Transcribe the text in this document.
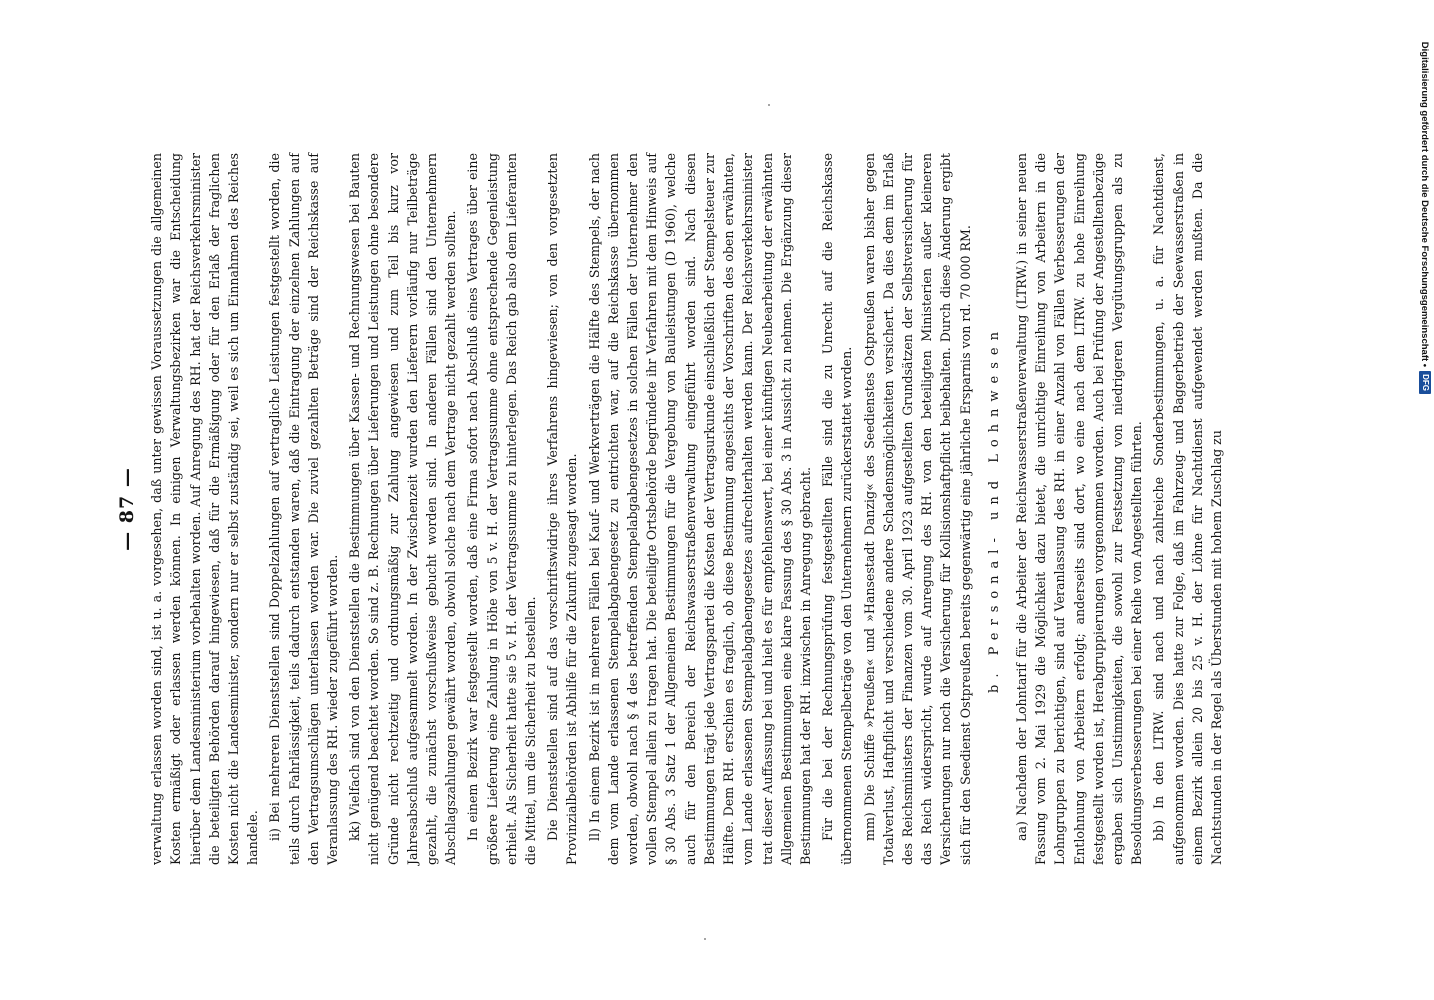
— 87 — verwaltung erlassen worden sind, ist u. a. vorgesehen, daß unter gewissen Voraussetzungen die allgemeinen Kosten ermäßigt oder erlassen werden können. In einigen Verwaltungsbezirken war die Entscheidung hierüber dem Landesministerium vorbehalten worden. Auf Anregung des RH. hat der Reichsverkehrsminister die beteiligten Behörden darauf hingewiesen, daß für die Ermäßigung oder für den Erlaß der fraglichen Kosten nicht die Landesminister, sondern nur er selbst zuständig sei, weil es sich um Einnahmen des Reiches handele. ii) Bei mehreren Dienststellen sind Doppelzahlungen auf vertragliche Leistungen festgestellt worden, die teils durch Fahrlässigkeit, teils dadurch entstanden waren, daß die Eintragung der einzelnen Zahlungen auf den Vertragsumschlägen unterlassen worden war. Die zuviel gezahlten Beträge sind der Reichskasse auf Veranlassung des RH. wieder zugeführt worden. kk) Vielfach sind von den Dienststellen die Bestimmungen über Kassen- und Rechnungswesen bei Bauten nicht genügend beachtet worden. So sind z. B. Rechnungen über Lieferungen und Leistungen ohne besondere Gründe nicht rechtzeitig und ordnungsmäßig zur Zahlung angewiesen und zum Teil bis kurz vor Jahresabschluß aufgesammelt worden. In der Zwischenzeit wurden den Lieferern vorläufig nur Teilbeträge gezahlt, die zunächst vorschußweise gebucht worden sind. In anderen Fällen sind den Unternehmern Abschlagszahlungen gewährt worden, obwohl solche nach dem Vertrage nicht gezahlt werden sollten. In einem Bezirk war festgestellt worden, daß eine Firma sofort nach Abschluß eines Vertrages über eine größere Lieferung eine Zahlung in Höhe von 5 v. H. der Vertragssumme ohne entsprechende Gegenleistung erhielt. Als Sicherheit hatte sie 5 v. H. der Vertragssumme zu hinterlegen. Das Reich gab also dem Lieferanten die Mittel, um die Sicherheit zu bestellen. Die Dienststellen sind auf das vorschriftswidrige ihres Verfahrens hingewiesen; von den vorgesetzten Provinzialbehörden ist Abhilfe für die Zukunft zugesagt worden. ll) In einem Bezirk ist in mehreren Fällen bei Kauf- und Werkverträgen die Hälfte des Stempels, der nach dem vom Lande erlassenen Stempelabgabengesetz zu entrichten war, auf die Reichskasse übernommen worden, obwohl nach § 4 des betreffenden Stempelabgabengesetzes in solchen Fällen der Unternehmer den vollen Stempel allein zu tragen hat. Die beteiligte Ortsbehörde begründete ihr Verfahren mit dem Hinweis auf § 30 Abs. 3 Satz 1 der Allgemeinen Bestimmungen für die Vergebung von Bauleistungen (D 1960), welche auch für den Bereich der Reichswasserstraßenverwaltung eingeführt worden sind. Nach diesen Bestimmungen trägt jede Vertragspartei die Kosten der Vertragsurkunde einschließlich der Stempelsteuer zur Hälfte. Dem RH. erschien es fraglich, ob diese Bestimmung angesichts der Vorschriften des oben erwähnten, vom Lande erlassenen Stempelabgabengesetzes aufrechterhalten werden kann. Der Reichsverkehrsminister trat dieser Auffassung bei und hielt es für empfehlenswert, bei einer künftigen Neubearbeitung der erwähnten Allgemeinen Bestimmungen eine klare Fassung des § 30 Abs. 3 in Aussicht zu nehmen. Die Ergänzung dieser Bestimmungen hat der RH. inzwischen in Anregung gebracht. Für die bei der Rechnungsprüfung festgestellten Fälle sind die zu Unrecht auf die Reichskasse übernommenen Stempelbeträge von den Unternehmern zurückerstattet worden. mm) Die Schiffe »Preußen« und »Hansestadt Danzig« des Seedienstes Ostpreußen waren bisher gegen Totalverlust, Haftpflicht und verschiedene andere Schadensmöglichkeiten versichert. Da dies dem im Erlaß des Reichsministers der Finanzen vom 30. April 1923 aufgestellten Grundsätzen der Selbstversicherung für das Reich widerspricht, wurde auf Anregung des RH. von den beteiligten Ministerien außer kleineren Versicherungen nur noch die Versicherung für Kollisionshaftpflicht beibehalten. Durch diese Änderung ergibt sich für den Seedienst Ostpreußen bereits gegenwärtig eine jährliche Ersparnis von rd. 70 000 RM. b. Personal- und Lohnwesen aa) Nachdem der Lohntarif für die Arbeiter der Reichswasserstraßenverwaltung (LTRW.) in seiner neuen Fassung vom 2. Mai 1929 die Möglichkeit dazu bietet, die unrichtige Einreihung von Arbeitern in die Lohngruppen zu berichtigen, sind auf Veranlassung des RH. in einer Anzahl von Fällen Verbesserungen der Entlohnung von Arbeitern erfolgt; anderseits sind dort, wo eine nach dem LTRW. zu hohe Einreihung festgestellt worden ist, Herabgruppierungen vorgenommen worden. Auch bei Prüfung der Angestelltenbezüge ergaben sich Unstimmigkeiten, die sowohl zur Festsetzung von niedrigeren Vergütungsgruppen als zu Besoldungsverbesserungen bei einer Reihe von Angestellten führten. bb) In den LTRW. sind nach und nach zahlreiche Sonderbestimmungen, u. a. für Nachtdienst, aufgenommen worden. Dies hatte zur Folge, daß im Fahrzeug- und Baggerbetrieb der Seewasserstraßen in einem Bezirk allein 20 bis 25 v. H. der Löhne für Nachtdienst aufgewendet werden mußten. Da die Nachtstunden in der Regel als Überstunden mit hohem Zuschlag zu

Digitalisierung gefördert durch die Deutsche Forschungsgemeinschaft •
DFG
